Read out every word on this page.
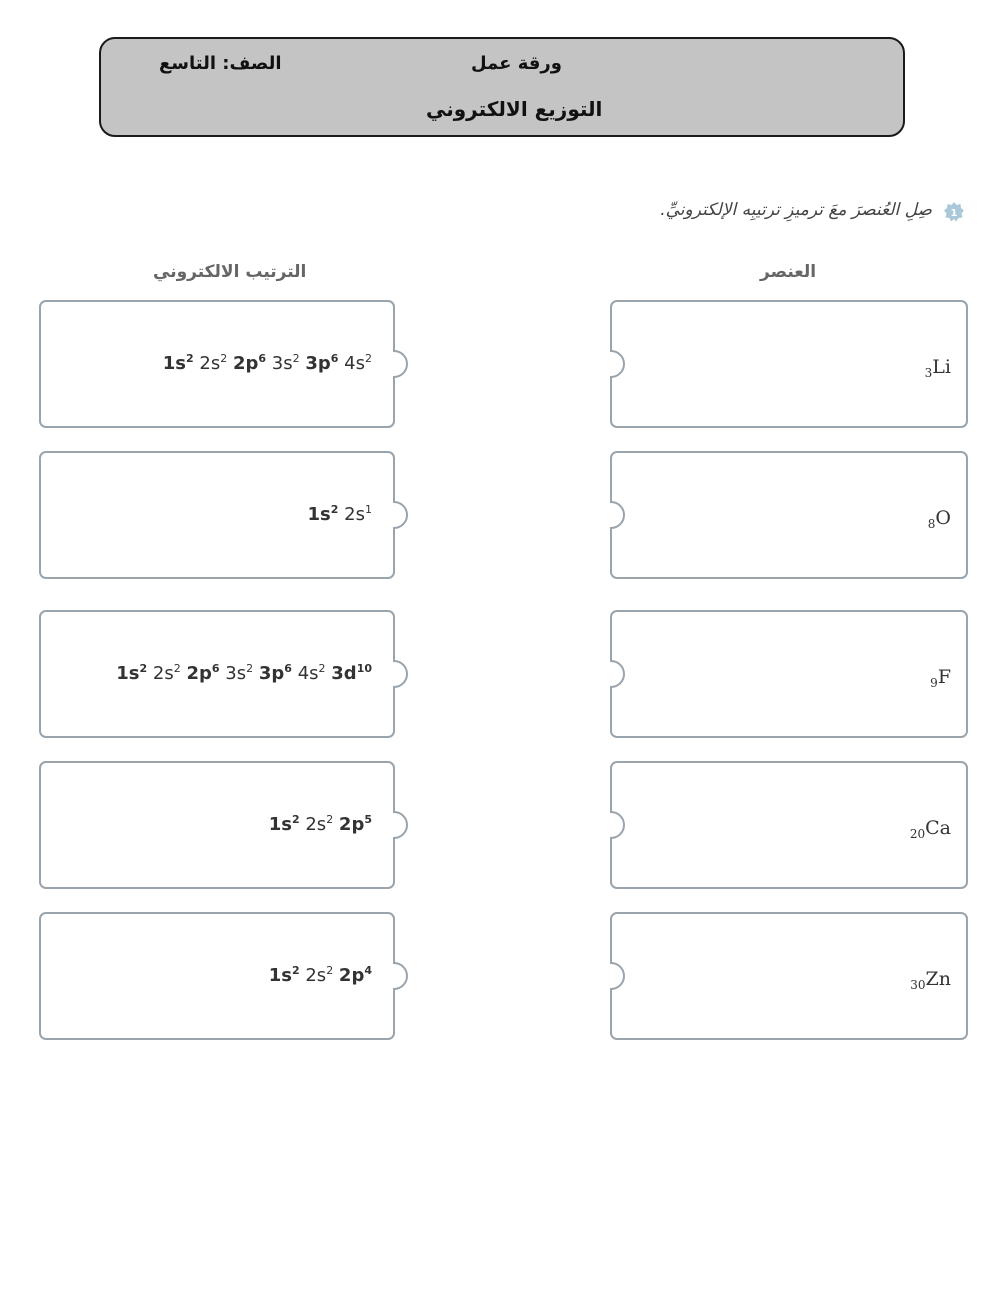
ورقة عمل
الصف: التاسع
التوزيع الالكتروني
1
صِلِ العُنصرَ معَ ترميزِ ترتيبِه الإلكترونيِّ.
الترتيب الالكتروني	العنصر
$1s^2$ $2s^2$ $2p^6$ $3s^2$ $3p^6$ $4s^2$
$_3$Li
$1s^2$ $2s^1$
$_8$O
$1s^2$ $2s^2$ $2p^6$ $3s^2$ $3p^6$ $4s^2$ $3d^{10}$
$_9$F
$1s^2$ $2s^2$ $2p^5$
$_{20}$Ca
$1s^2$ $2s^2$ $2p^4$
$_{30}$Zn
